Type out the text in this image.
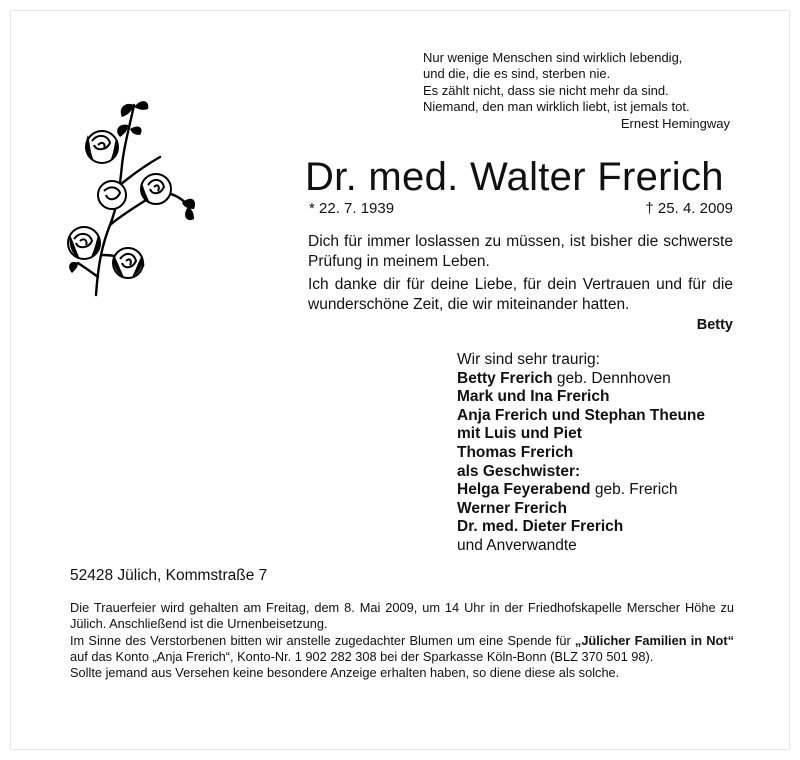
Nur wenige Menschen sind wirklich lebendig,
und die, die es sind, sterben nie.
Es zählt nicht, dass sie nicht mehr da sind.
Niemand, den man wirklich liebt, ist jemals tot.
Ernest Hemingway
Dr. med. Walter Frerich
* 22. 7. 1939	† 25. 4. 2009

Dich für immer loslassen zu müssen, ist bisher die schwerste Prüfung in meinem Leben.

Ich danke dir für deine Liebe, für dein Vertrauen und für die wunderschöne Zeit, die wir miteinander hatten.

Betty

Wir sind sehr traurig:
Betty Frerich geb. Dennhoven
Mark und Ina Frerich
Anja Frerich und Stephan Theune
mit Luis und Piet
Thomas Frerich
als Geschwister:
Helga Feyerabend geb. Frerich
Werner Frerich
Dr. med. Dieter Frerich
und Anverwandte
52428 Jülich, Kommstraße 7

Die Trauerfeier wird gehalten am Freitag, dem 8. Mai 2009, um 14 Uhr in der Friedhofskapelle Merscher Höhe zu Jülich. Anschließend ist die Urnenbeisetzung.

Im Sinne des Verstorbenen bitten wir anstelle zugedachter Blumen um eine Spende für „Jülicher Familien in Not“ auf das Konto „Anja Frerich“, Konto-Nr. 1 902 282 308 bei der Sparkasse Köln-Bonn (BLZ 370 501 98).

Sollte jemand aus Versehen keine besondere Anzeige erhalten haben, so diene diese als solche.
